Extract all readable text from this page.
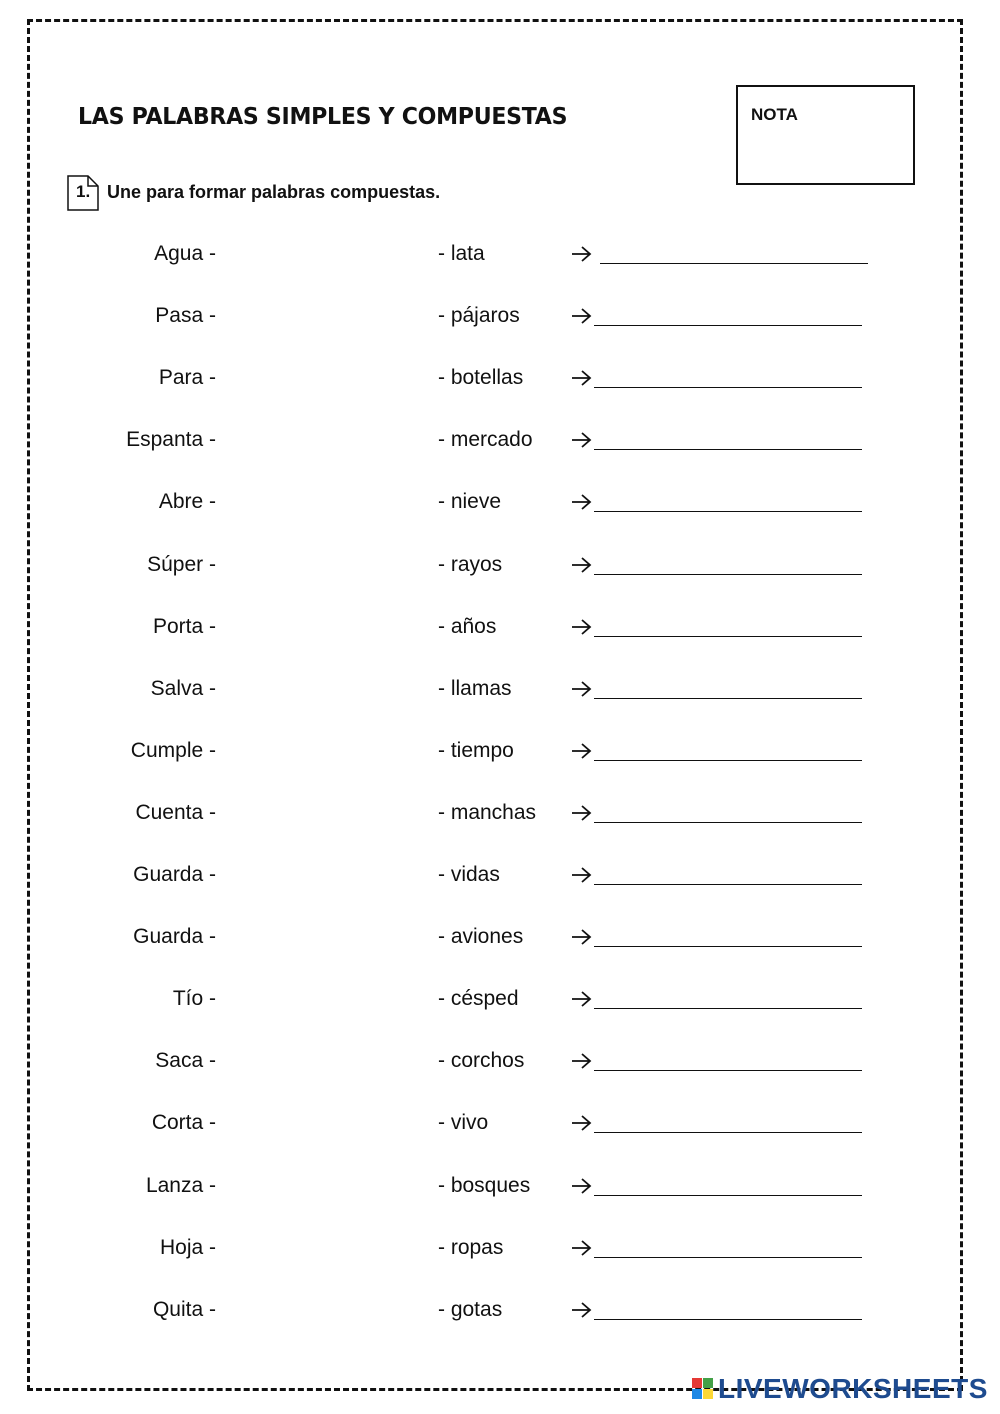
LAS PALABRAS SIMPLES Y COMPUESTAS	NOTA
1. Une para formar palabras compuestas.
Agua -	- lata
Pasa -	- pájaros
Para -	- botellas
Espanta -	- mercado
Abre -	- nieve
Súper -	- rayos
Porta -	- años
Salva -	- llamas
Cumple -	- tiempo
Cuenta -	- manchas
Guarda -	- vidas
Guarda -	- aviones
Tío -	- césped
Saca -	- corchos
Corta -	- vivo
Lanza -	- bosques
Hoja -	- ropas
Quita -	- gotas
LIVEWORKSHEETS
